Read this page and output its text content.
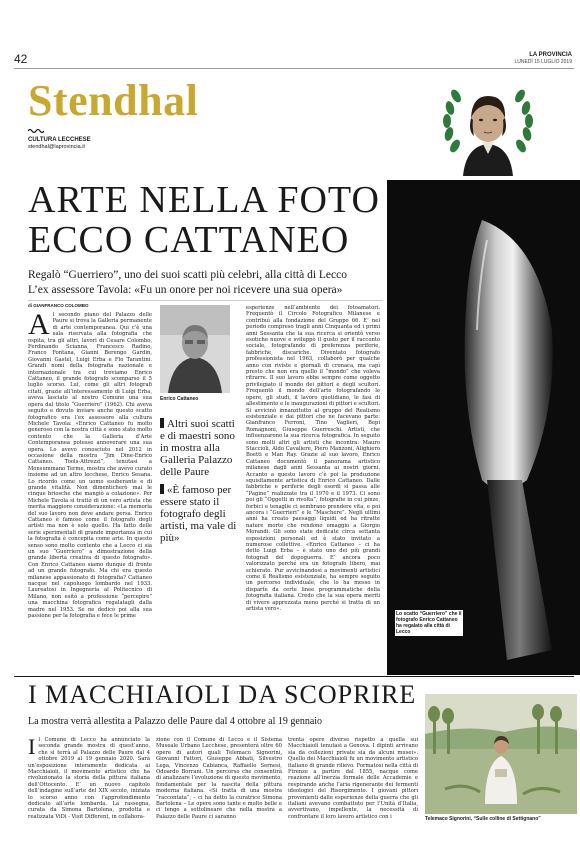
42	LA PROVINCIA
LUNEDÌ 15 LUGLIO 2019
Stendhal
CULTURA LECCHESE
stendhal@laprovincia.it
ARTE NELLA FOTO
ECCO CATTANEO
Regalò “Guerriero”, uno dei suoi scatti più celebri, alla città di Lecco
L’ex assessore Tavola: «Fu un onore per noi ricevere una sua opera»
di GIANFRANCO COLOMBO
A l secondo piano del Palazzo delle Paure si trova la Galleria permanente di arte contemporanea. Qui c’è una sala riservata alla fotografia che ospita, tra gli altri, lavori di Cesare Colombo, Ferdinando Scianna, Francesco Radino, Franco Fontana, Gianni Berengo Gardin, Giovanni Gastel, Luigi Erba e Flo Tarantini. Grandi nomi della fotografia nazionale e internazionale tra cui troviamo Enrico Cattaneo, il grande fotografo scomparso il 5 luglio scorso. Lui, come gli altri fotografi citati, grazie all’interessamento di Luigi Erba, aveva lasciato al nostro Comune una sua opera dal titolo “Guerriero” (1962). Chi aveva seguito e dovuto inviare anche questo scatto fotografico era l’ex assessore alla cultura Michele Tavola: «Enrico Cattaneo fu molto generoso con la nostra città e sono stato molto contento che la Galleria d’Arte Contemporanea potesse annoverare una sua opera. Lo avevo conosciuto nel 2012 in occasione della mostra “Jim Dine-Enrico Cattaneo. Tools-Attrezzi”, tenutasi a Monsummano Terme, mostra che avevo curato insieme ad un altro lecchese, Enrico Sesana. Lo ricordo come un uomo esuberante e di grande vitalità. Non dimenticherò mai le cinque briosche che mangiò a colazione». Per Michele Tavola si trattò di un vero artista che merita maggiore considerazione: «La memoria del suo lavoro non deve andare persa. Enrico Cattaneo è famoso come il fotografo degli artisti ma non è solo quello. Ha fatto delle serie sperimentali di grande importanza in cui la fotografia è concepita come arte. In questo senso sono molto contento che a Lecco ci sia un suo “Guerriero” a dimostrazione della grande libertà creativa di questo fotografo». Con Enrico Cattaneo siamo dunque di fronte ad un grande fotografo. Ma chi era questo milanese appassionato di fotografia? Cattaneo nacque nel capoluogo lombardo nel 1933. Laureatosi in Ingegneria al Politecnico di Milano, non esitò a professione “percepire” una macchina fotografica regalatagli dalla madre nel 1953. Se ne dedicò poi alla sua passione per la fotografia e fece le prime
Enrico Cattaneo
Altri suoi scatti e di maestri sono in mostra alla Galleria Palazzo delle Paure
«È famoso per essere stato il fotografo degli artisti, ma vale di più»
esperienze nell’ambiente dei fotoamatori. Frequentò il Circolo Fotografico Milanese e contribuì alla fondazione del Gruppo 66. E’ nel periodo compreso tragli anni Cinquanta ed i primi anni Sessanta che la sua ricerca si orientò verso esotiche nuove e sviluppò il gusto per il racconto sociale, fotografando di preferenza periferie, fabbriche, discariche. Diventato fotografo professionista nel 1963, collaborò per qualche anno con riviste e giornali di cronaca, ma capì presto che non era quello il “mondo” che voleva ritrarre. Il suo lavoro ebbe sempre come oggetto privilegiato il mondo dei pittori e degli scultori. Frequentò il mondo dell’arte fotografando le opere, gli studi, il lavoro quotidiano, le fasi di allestimento e le inaugurazioni di pittori e scultori. Si avvicinò innanzitutto al gruppo del Realismo esistenziale e dai pittori che ne facevano parte: Gianfranco Ferroni, Tino Vaglieri, Bepi Romagnoni, Giuseppe Guerreschi. Artisti, che influenzarono la sua ricerca fotografica. In seguito sono molti altri gli artisti che incontra: Mauro Staccioli, Aldo Cavaliere, Piero Manzoni, Alighiero Boetti e Man Ray. Grazie al suo lavoro, Enrico Cattaneo documentò il panorama artistico milanese dagli anni Sessanta ai nostri giorni. Accanto a questo lavoro c’è poi la produzione squisitamente artistica di Enrico Cattaneo. Dalle fabbriche e periferie degli esordi si passa alle “Pagine” realizzate tra il 1970 e il 1973. Ci sono poi gli “Oggetti in rivolta”, fotografie in cui pinze, forbici e tenaglie ci sembrano prendere vita, e poi ancora i “Guerrieri” e le “Maschere”. Negli ultimi anni ha creato paesaggi liquidi ed ha ritratte nature morte che rendono omaggio a Giorgio Morandi. Gli sono state dedicate circa settanta esposizioni personali ed è stato invitato a numerose collettive. «Enrico Cattaneo – ci ha detto Luigi Erba – è stato uno dei più grandi fotografi del dopoguerra. E’ ancora poco valorizzato perché era un fotografo libero, mai schierato. Pur avvicinandosi a movimenti artistici come il Realismo esistenziale, ha sempre seguito un percorso individuale, che lo ha messo in disparte da certe linee programmatiche della fotografia italiana. Credo che la sua opera meriti di vivere apprezzata meno perché si tratta di un artista vero».
Lo scatto “Guerriero” che il fotografo Enrico Cattaneo ha regalato alla città di Lecco
I MACCHIAIOLI DA SCOPRIRE
La mostra verrà allestita a Palazzo delle Paure dal 4 ottobre al 19 gennaio
I l Comune di Lecco ha annunciato la seconda grande mostra di quest’anno, che si terrà al Palazzo delle Paure dal 4 ottobre 2019 al 19 gennaio 2020. Sarà un’esposizione interamente dedicata ai Macchiaioli, il movimento artistico che ha rivoluzionato la storia della pittura italiana dell’Ottocento. E’ un nuovo capitolo dell’indagine sull’arte del XIX secolo, iniziata lo scorso anno con l’approfondimento dedicato all’arte lombarda. La rassegna, curata da Simona Bartolena, prodotta e realizzata ViDi - Visit Different, in collabora-
zione con il Comune di Lecco e il Sistema Museale Urbano Lecchese, presenterà oltre 60 opere di autori quali Telemaco Signorini, Giovanni Fattori, Giuseppe Abbati, Silvestro Lega, Vincenzo Cabianca, Raffaello Sernesi, Odoardo Borrani. Un percorso che consentirà di analizzare l’evoluzione di questo movimento, fondamentale per la nascita della pittura moderna italiana. «Si tratta di una mostra “raccontata”, – ci ha detto la curatrice Simona Bartolena – Le opere sono tante e molto belle e ci tengo a sottolineare che nella mostra a Palazzo delle Paure ci saranno
trenta opere diverse rispetto a quella sui Macchiaioli tenutasi a Genova. I dipinti arrivano sia da collezioni private sia da alcuni musei». Quello dei Macchiaioli fu un movimento artistico italiano di grande rilievo. Formatosi nella città di Firenze a partire dal 1855, nacque come reazione all’inerzia formale delle Accademie e respirando anche l’aria rigenerante dei fermenti ideologici del Risorgimento. I giovani pittori provenienti dalle esperienze della guerra che gli italiani avevano combattuto per l’Unità d’Italia, avvertivano, impellente, la necessità di confrontare il loro lavoro artistico con i	Telemaco Signorini, “Sulle colline di Settignano”
